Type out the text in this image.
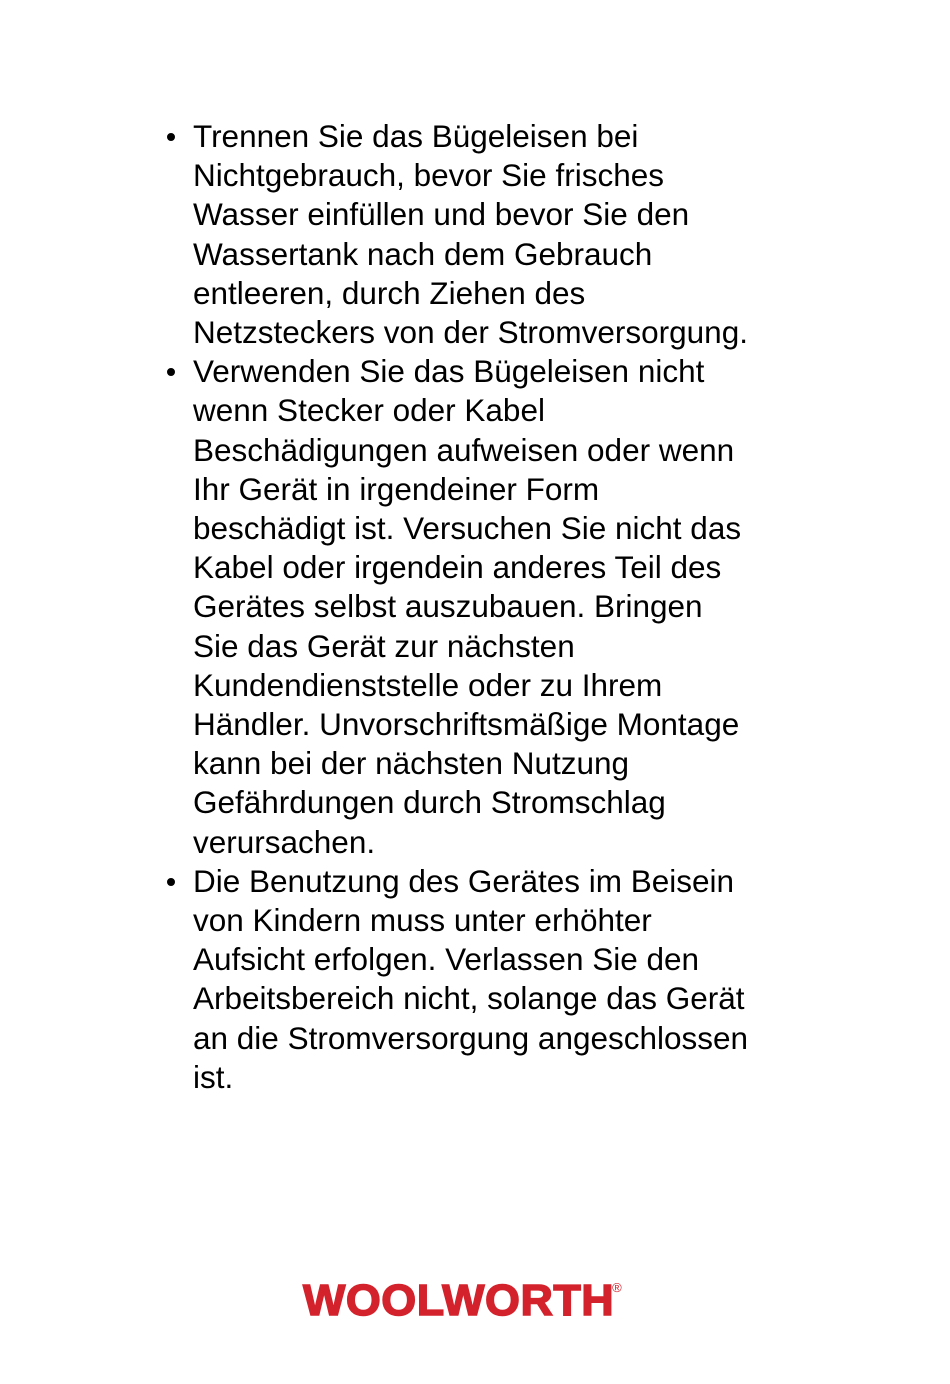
Trennen Sie das Bügeleisen bei
Nichtgebrauch, bevor Sie frisches
Wasser einfüllen und bevor Sie den
Wassertank nach dem Gebrauch
entleeren, durch Ziehen des
Netzsteckers von der Stromversorgung.
Verwenden Sie das Bügeleisen nicht
wenn Stecker oder Kabel
Beschädigungen aufweisen oder wenn
Ihr Gerät in irgendeiner Form
beschädigt ist. Versuchen Sie nicht das
Kabel oder irgendein anderes Teil des
Gerätes selbst auszubauen. Bringen
Sie das Gerät zur nächsten
Kundendienststelle oder zu Ihrem
Händler. Unvorschriftsmäßige Montage
kann bei der nächsten Nutzung
Gefährdungen durch Stromschlag
verursachen.
Die Benutzung des Gerätes im Beisein
von Kindern muss unter erhöhter
Aufsicht erfolgen. Verlassen Sie den
Arbeitsbereich nicht, solange das Gerät
an die Stromversorgung angeschlossen
ist.
WOOLWORTH
®
